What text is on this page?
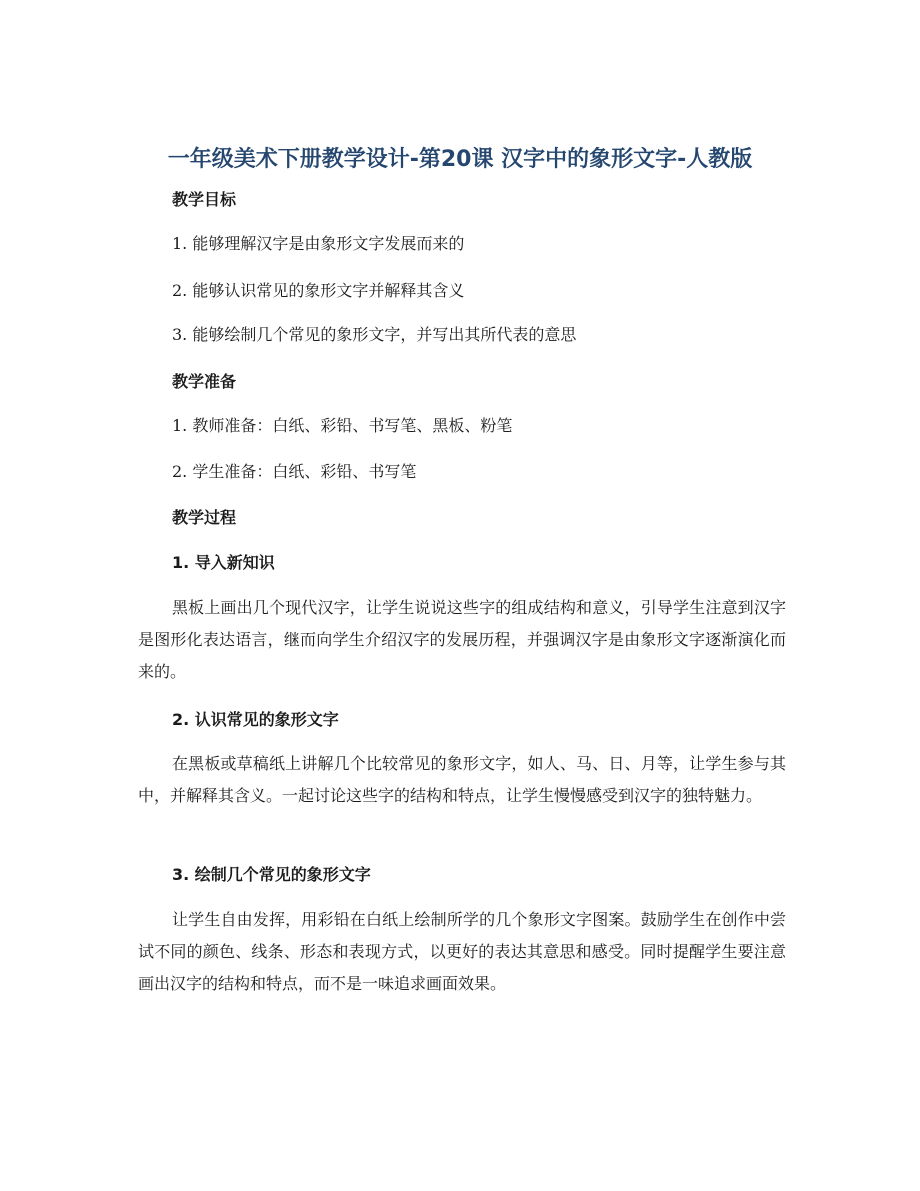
一年级美术下册教学设计-第20课 汉字中的象形文字-人教版
教学目标
1. 能够理解汉字是由象形文字发展而来的
2. 能够认识常见的象形文字并解释其含义
3. 能够绘制几个常见的象形文字，并写出其所代表的意思
教学准备
1. 教师准备：白纸、彩铅、书写笔、黑板、粉笔
2. 学生准备：白纸、彩铅、书写笔
教学过程
1. 导入新知识
黑板上画出几个现代汉字，让学生说说这些字的组成结构和意义，引导学生注意到汉字是图形化表达语言，继而向学生介绍汉字的发展历程，并强调汉字是由象形文字逐渐演化而来的。
2. 认识常见的象形文字
在黑板或草稿纸上讲解几个比较常见的象形文字，如人、马、日、月等，让学生参与其中，并解释其含义。一起讨论这些字的结构和特点，让学生慢慢感受到汉字的独特魅力。
3. 绘制几个常见的象形文字
让学生自由发挥，用彩铅在白纸上绘制所学的几个象形文字图案。鼓励学生在创作中尝试不同的颜色、线条、形态和表现方式，以更好的表达其意思和感受。同时提醒学生要注意画出汉字的结构和特点，而不是一味追求画面效果。
